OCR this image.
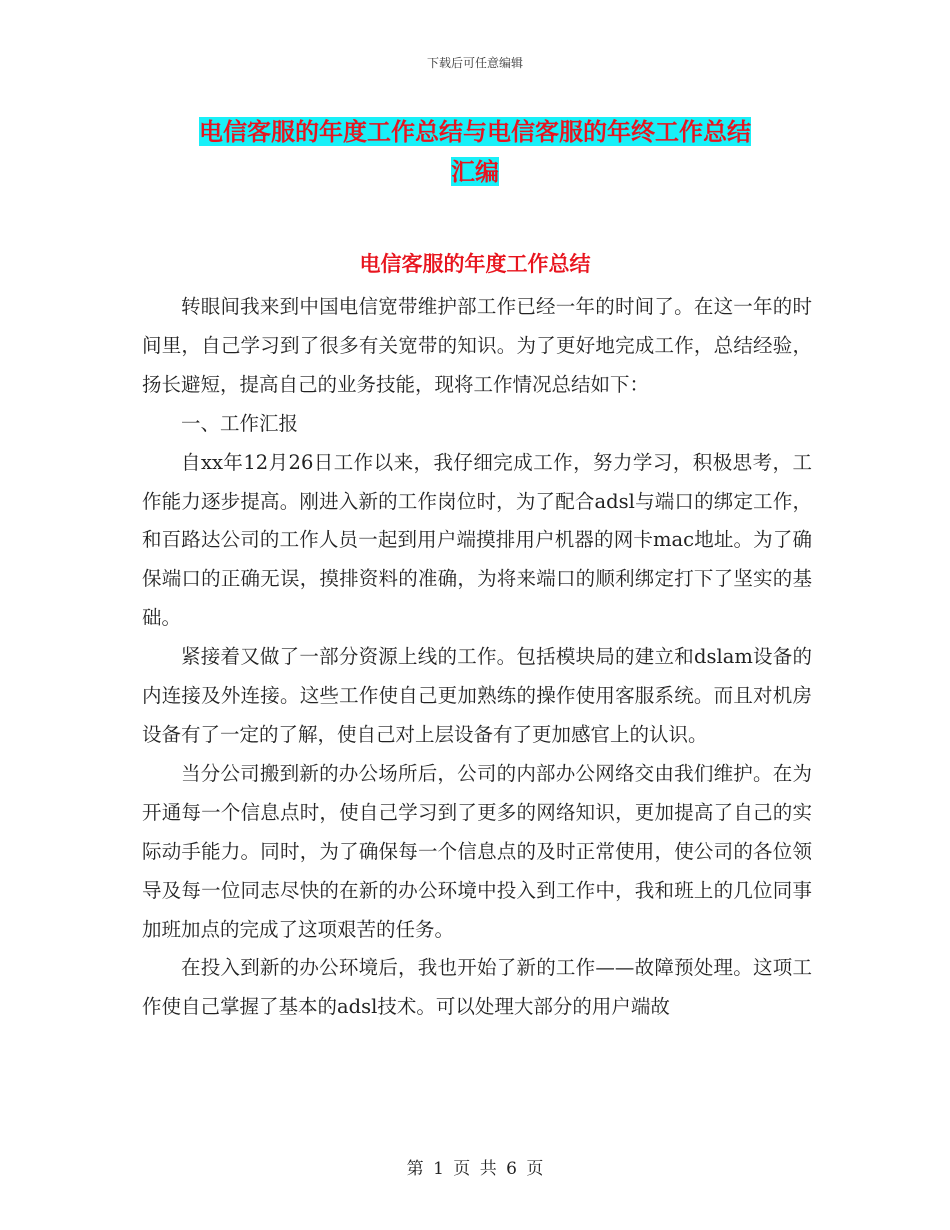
下载后可任意编辑
电信客服的年度工作总结与电信客服的年终工作总结
汇编
电信客服的年度工作总结

转眼间我来到中国电信宽带维护部工作已经一年的时间了。在这一年的时间里，自己学习到了很多有关宽带的知识。为了更好地完成工作，总结经验，扬长避短，提高自己的业务技能，现将工作情况总结如下：

一、工作汇报

自xx年12月26日工作以来，我仔细完成工作，努力学习，积极思考，工作能力逐步提高。刚进入新的工作岗位时，为了配合adsl与端口的绑定工作，和百路达公司的工作人员一起到用户端摸排用户机器的网卡mac地址。为了确保端口的正确无误，摸排资料的准确，为将来端口的顺利绑定打下了坚实的基础。

紧接着又做了一部分资源上线的工作。包括模块局的建立和dslam设备的内连接及外连接。这些工作使自己更加熟练的操作使用客服系统。而且对机房设备有了一定的了解，使自己对上层设备有了更加感官上的认识。

当分公司搬到新的办公场所后，公司的内部办公网络交由我们维护。在为开通每一个信息点时，使自己学习到了更多的网络知识，更加提高了自己的实际动手能力。同时，为了确保每一个信息点的及时正常使用，使公司的各位领导及每一位同志尽快的在新的办公环境中投入到工作中，我和班上的几位同事加班加点的完成了这项艰苦的任务。

在投入到新的办公环境后，我也开始了新的工作——故障预处理。这项工作使自己掌握了基本的adsl技术。可以处理大部分的用户端故

第 1 页 共 6 页
